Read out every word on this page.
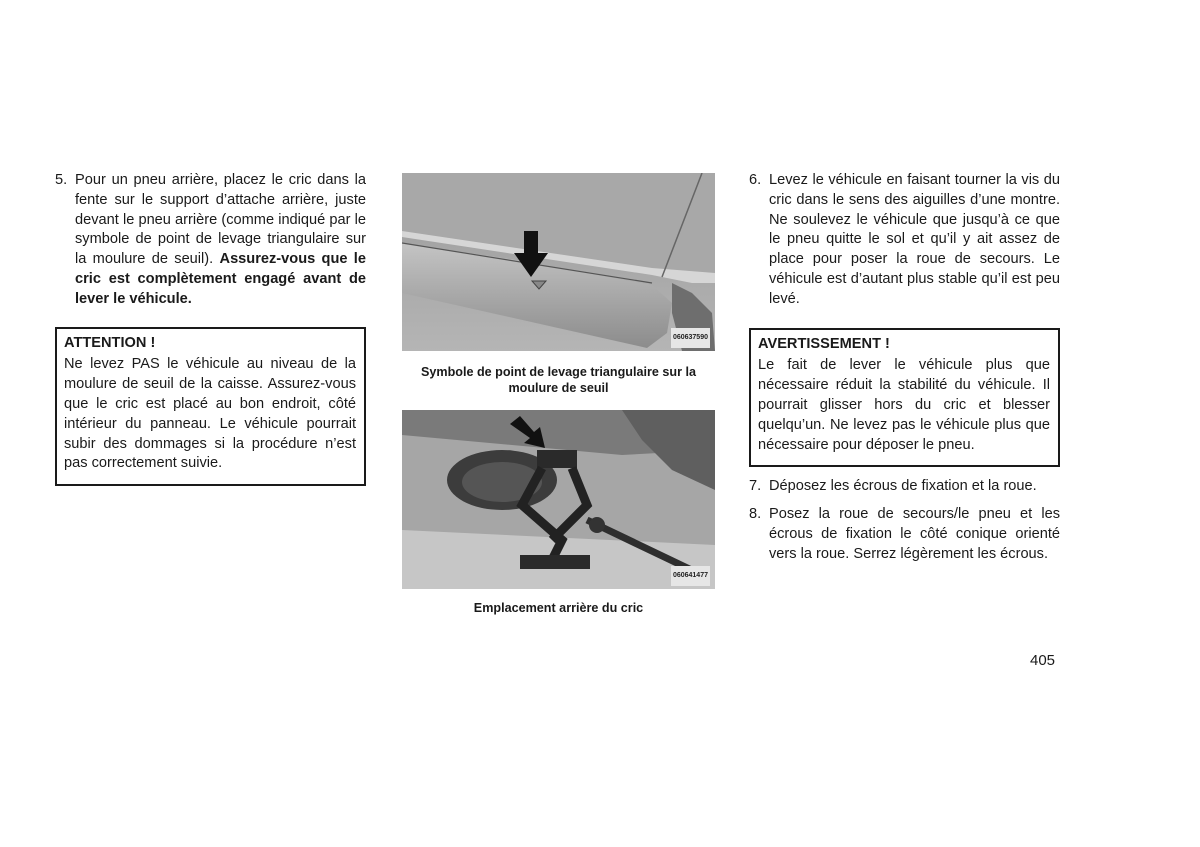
5. Pour un pneu arrière, placez le cric dans la fente sur le support d’attache arrière, juste devant le pneu arrière (comme indiqué par le symbole de point de levage triangulaire sur la moulure de seuil). Assurez-vous que le cric est complètement engagé avant de lever le véhicule.
ATTENTION !
Ne levez PAS le véhicule au niveau de la moulure de seuil de la caisse. Assurez-vous que le cric est placé au bon endroit, côté intérieur du panneau. Le véhicule pourrait subir des dommages si la procédure n’est pas correctement suivie.
060637590
Symbole de point de levage triangulaire sur la moulure de seuil
060641477
Emplacement arrière du cric
6. Levez le véhicule en faisant tourner la vis du cric dans le sens des aiguilles d’une montre. Ne soulevez le véhicule que jusqu’à ce que le pneu quitte le sol et qu’il y ait assez de place pour poser la roue de secours. Le véhicule est d’autant plus stable qu’il est peu levé.
AVERTISSEMENT !
Le fait de lever le véhicule plus que nécessaire réduit la stabilité du véhicule. Il pourrait glisser hors du cric et blesser quelqu’un. Ne levez pas le véhicule plus que nécessaire pour déposer le pneu.
7. Déposez les écrous de fixation et la roue.
8. Posez la roue de secours/le pneu et les écrous de fixation le côté conique orienté vers la roue. Serrez légèrement les écrous.
405
